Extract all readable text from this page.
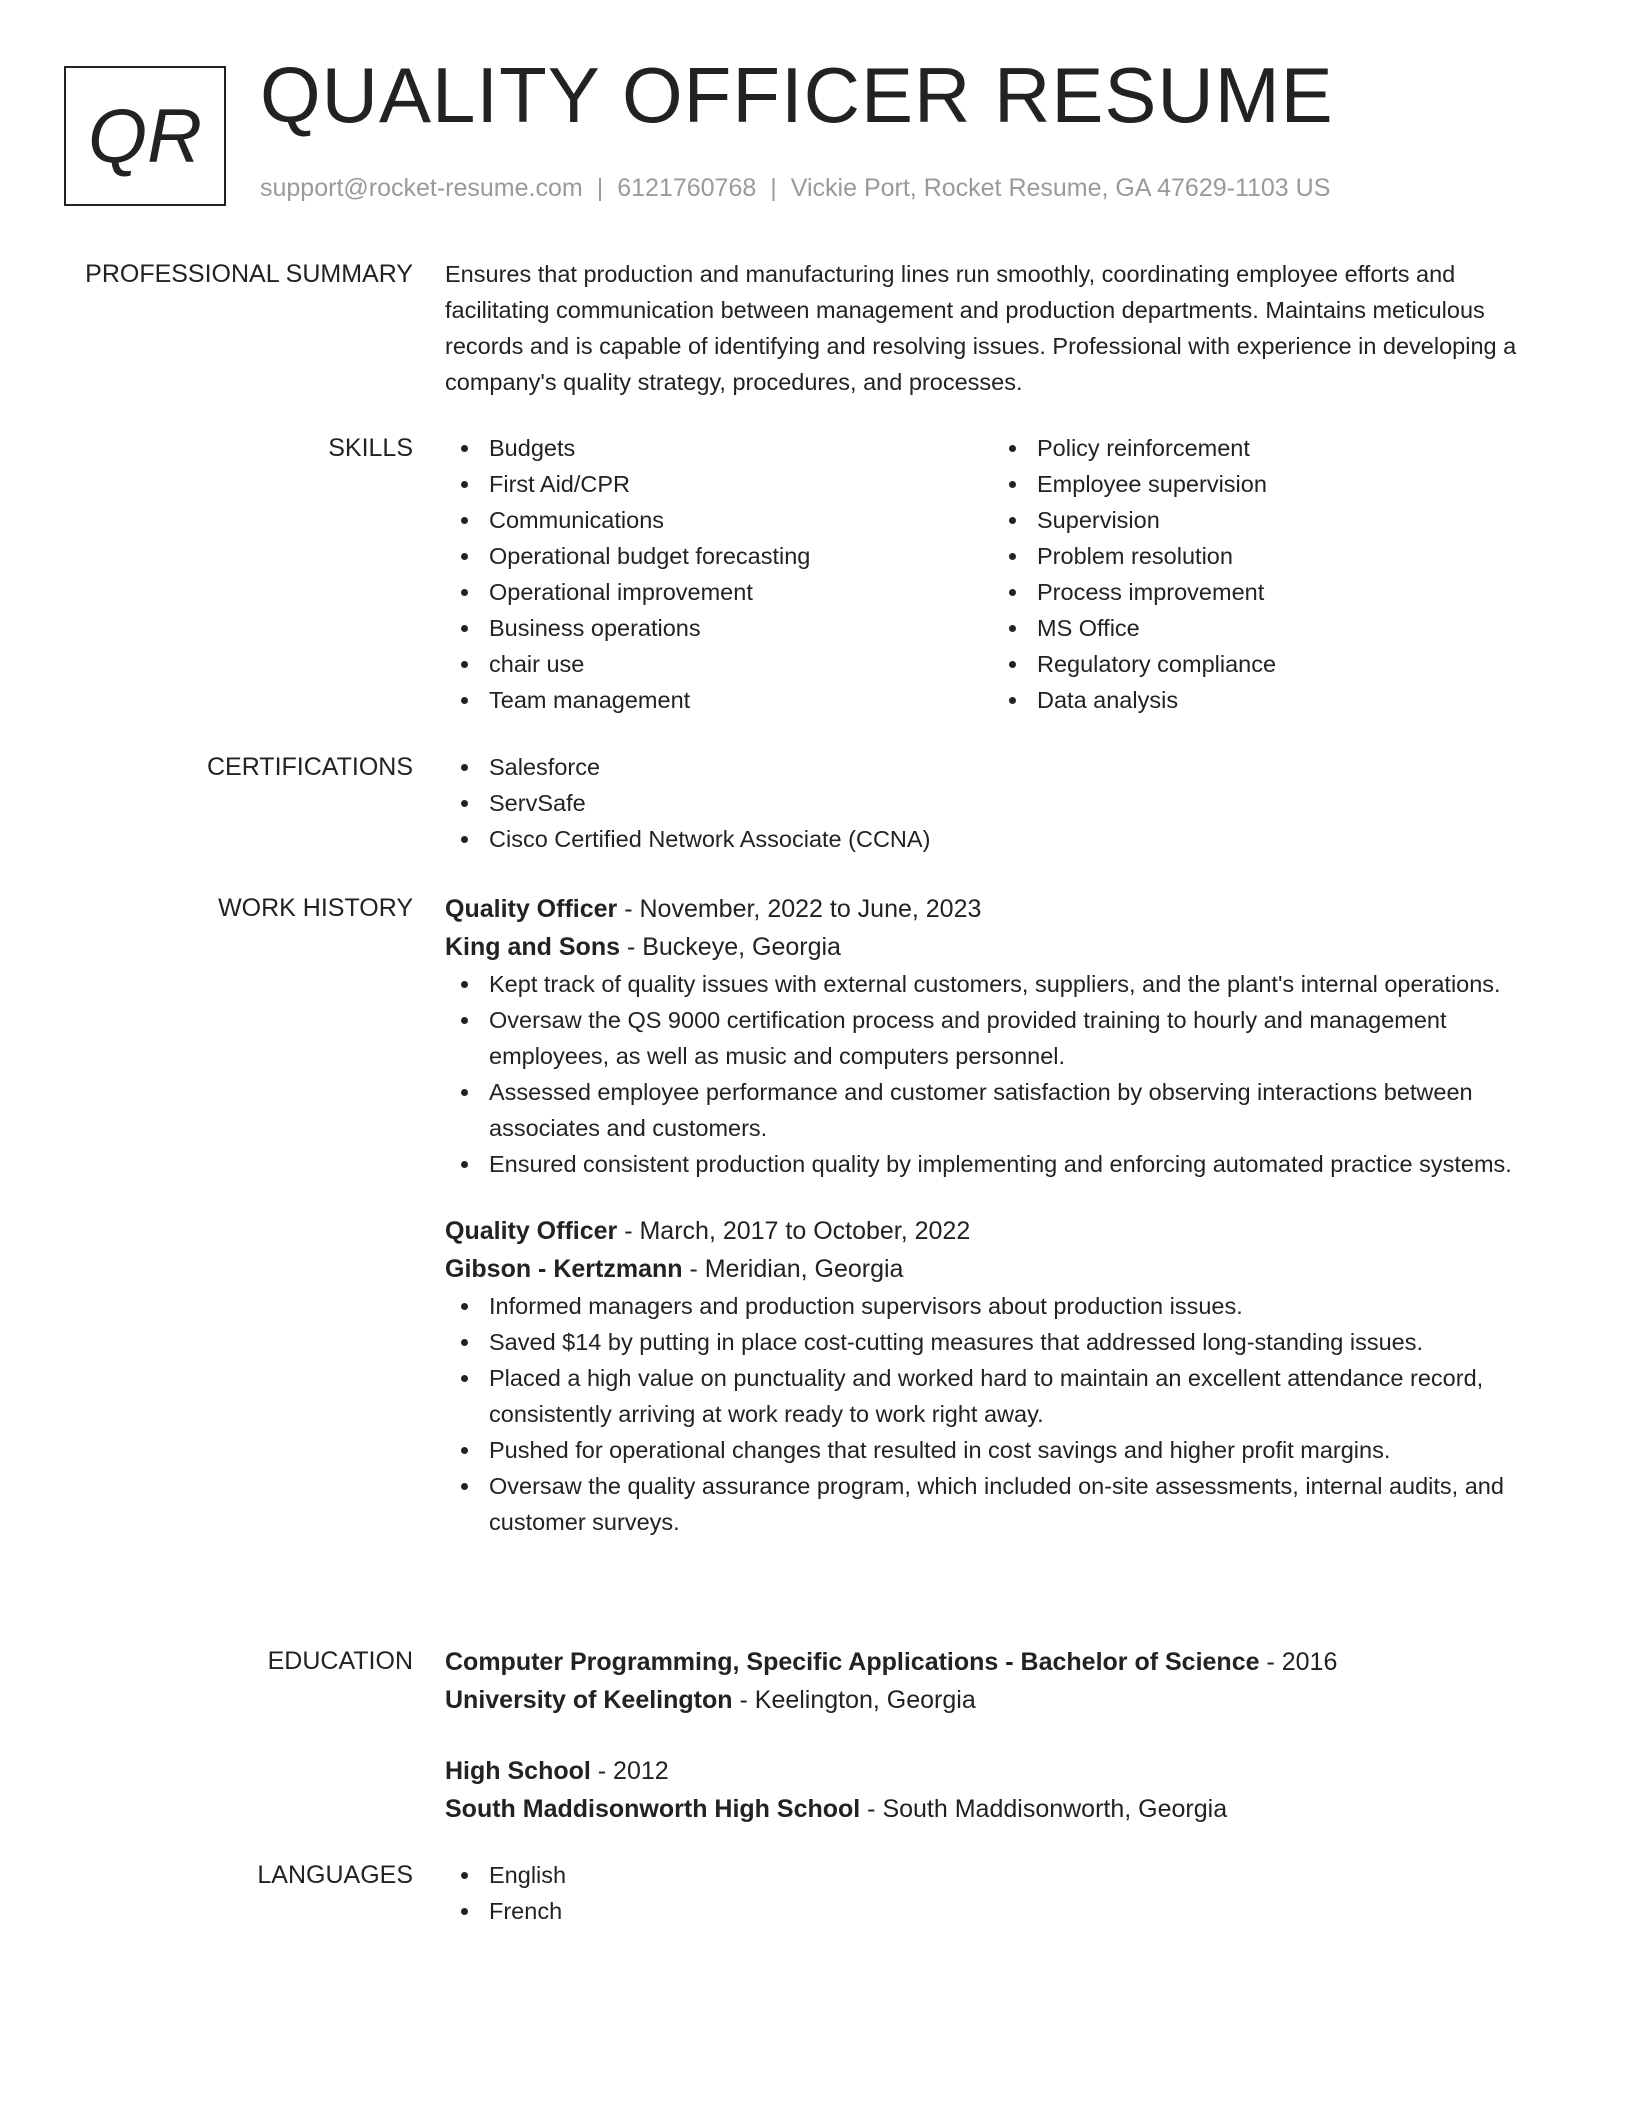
QR QUALITY OFFICER RESUME
support@rocket-resume.com | 6121760768 | Vickie Port, Rocket Resume, GA 47629-1103 US
PROFESSIONAL SUMMARY Ensures that production and manufacturing lines run smoothly, coordinating employee efforts and facilitating communication between management and production departments. Maintains meticulous records and is capable of identifying and resolving issues. Professional with experience in developing a company's quality strategy, procedures, and processes.

SKILLS	Budgets
First Aid/CPR
Communications
Operational budget forecasting
Operational improvement
Business operations
chair use
Team management
Policy reinforcement
Employee supervision
Supervision
Problem resolution
Process improvement
MS Office
Regulatory compliance
Data analysis
CERTIFICATIONS	Salesforce
ServSafe
Cisco Certified Network Associate (CCNA)
WORK HISTORY Quality Officer - November, 2022 to June, 2023
King and Sons - Buckeye, Georgia
Kept track of quality issues with external customers, suppliers, and the plant's internal operations.
Oversaw the QS 9000 certification process and provided training to hourly and management employees, as well as music and computers personnel.
Assessed employee performance and customer satisfaction by observing interactions between associates and customers.
Ensured consistent production quality by implementing and enforcing automated practice systems.
Quality Officer - March, 2017 to October, 2022
Gibson - Kertzmann - Meridian, Georgia
Informed managers and production supervisors about production issues.
Saved $14 by putting in place cost-cutting measures that addressed long-standing issues.
Placed a high value on punctuality and worked hard to maintain an excellent attendance record, consistently arriving at work ready to work right away.
Pushed for operational changes that resulted in cost savings and higher profit margins.
Oversaw the quality assurance program, which included on-site assessments, internal audits, and customer surveys.
EDUCATION Computer Programming, Specific Applications - Bachelor of Science - 2016
University of Keelington - Keelington, Georgia
High School - 2012
South Maddisonworth High School - South Maddisonworth, Georgia
LANGUAGES	English
French
